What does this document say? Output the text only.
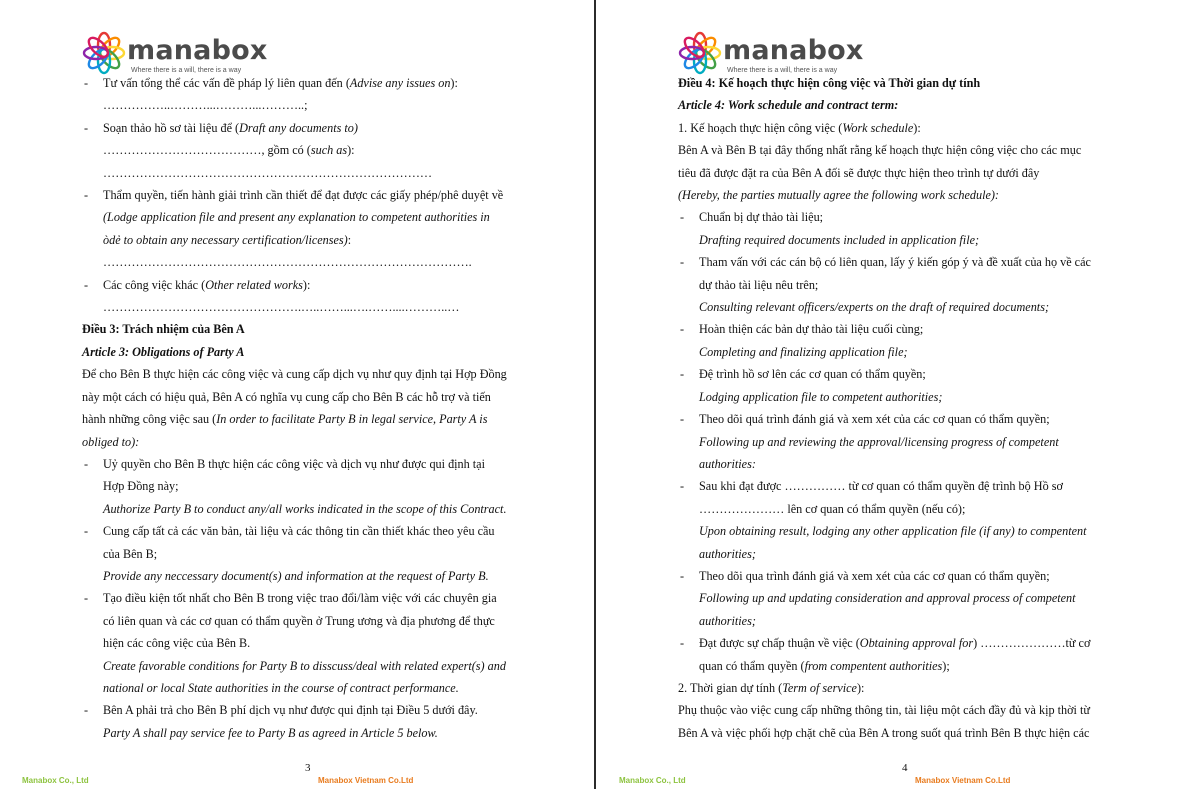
manabox
Where there is a will, there is a way

- Tư vấn tổng thể các vấn đề pháp lý liên quan đến (Advise any issues on):

……………..………...………...………..;

- Soạn thảo hồ sơ tài liệu để (Draft any documents to)

…………………………………, gồm có (such as):

………………………………………………………………………

- Thẩm quyền, tiến hành giải trình cần thiết để đạt được các giấy phép/phê duyệt về

(Lodge application file and present any explanation to competent authorities in

òdẻ to obtain any necessary certification/licenses):

……………………………………………………………………………….

- Các công việc khác (Other related works):

………………………………………….…..……...….……....………..…

Điều 3: Trách nhiệm của Bên A

Article 3: Obligations of Party A

Để cho Bên B thực hiện các công việc và cung cấp dịch vụ như quy định tại Hợp Đồng

này một cách có hiệu quả, Bên A có nghĩa vụ cung cấp cho Bên B các hỗ trợ và tiến

hành những công việc sau (In order to facilitate Party B in legal service, Party A is

obliged to):

- Uỷ quyền cho Bên B thực hiện các công việc và dịch vụ như được qui định tại

Hợp Đồng này;

Authorize Party B to conduct any/all works indicated in the scope of this Contract.

- Cung cấp tất cả các văn bản, tài liệu và các thông tin cần thiết khác theo yêu cầu

của Bên B;

Provide any neccessary document(s) and information at the request of Party B.

- Tạo điều kiện tốt nhất cho Bên B trong việc trao đổi/làm việc với các chuyên gia

có liên quan và các cơ quan có thẩm quyền ở Trung ương và địa phương để thực

hiện các công việc của Bên B.

Create favorable conditions for Party B to disscuss/deal with related expert(s) and

national or local State authorities in the course of contract performance.

- Bên A phải trả cho Bên B phí dịch vụ như được qui định tại Điều 5 dưới đây.

Party A shall pay service fee to Party B as agreed in Article 5 below.

3
Manabox Co., Ltd	Manabox Vietnam Co.Ltd
manabox
Where there is a will, there is a way

Điều 4: Kế hoạch thực hiện công việc và Thời gian dự tính

Article 4: Work schedule and contract term:

1. Kế hoạch thực hiện công việc (Work schedule):

Bên A và Bên B tại đây thống nhất rằng kế hoạch thực hiện công việc cho các mục

tiêu đã được đặt ra của Bên A đối sẽ được thực hiện theo trình tự dưới đây

(Hereby, the parties mutually agree the following work schedule):

- Chuẩn bị dự thảo tài liệu;

Drafting required documents included in application file;

- Tham vấn với các cán bộ có liên quan, lấy ý kiến góp ý và đề xuất của họ về các

dự thảo tài liệu nêu trên;

Consulting relevant officers/experts on the draft of required documents;

- Hoàn thiện các bản dự thảo tài liệu cuối cùng;

Completing and finalizing application file;

- Đệ trình hồ sơ lên các cơ quan có thẩm quyền;

Lodging application file to competent authorities;

- Theo dõi quá trình đánh giá và xem xét của các cơ quan có thẩm quyền;

Following up and reviewing the approval/licensing progress of competent

authorities:

- Sau khi đạt được …………… từ cơ quan có thẩm quyền đệ trình bộ Hồ sơ

………………… lên cơ quan có thẩm quyền (nếu có);

Upon obtaining result, lodging any other application file (if any) to compentent

authorities;

- Theo dõi qua trình đánh giá và xem xét của các cơ quan có thẩm quyền;

Following up and updating consideration and approval process of competent

authorities;

- Đạt được sự chấp thuận về việc (Obtaining approval for) …………………từ cơ

quan có thẩm quyền (from compentent authorities);

2. Thời gian dự tính (Term of service):

Phụ thuộc vào việc cung cấp những thông tin, tài liệu một cách đầy đủ và kịp thời từ

Bên A và việc phối hợp chặt chẽ của Bên A trong suốt quá trình Bên B thực hiện các

4
Manabox Co., Ltd	Manabox Vietnam Co.Ltd
